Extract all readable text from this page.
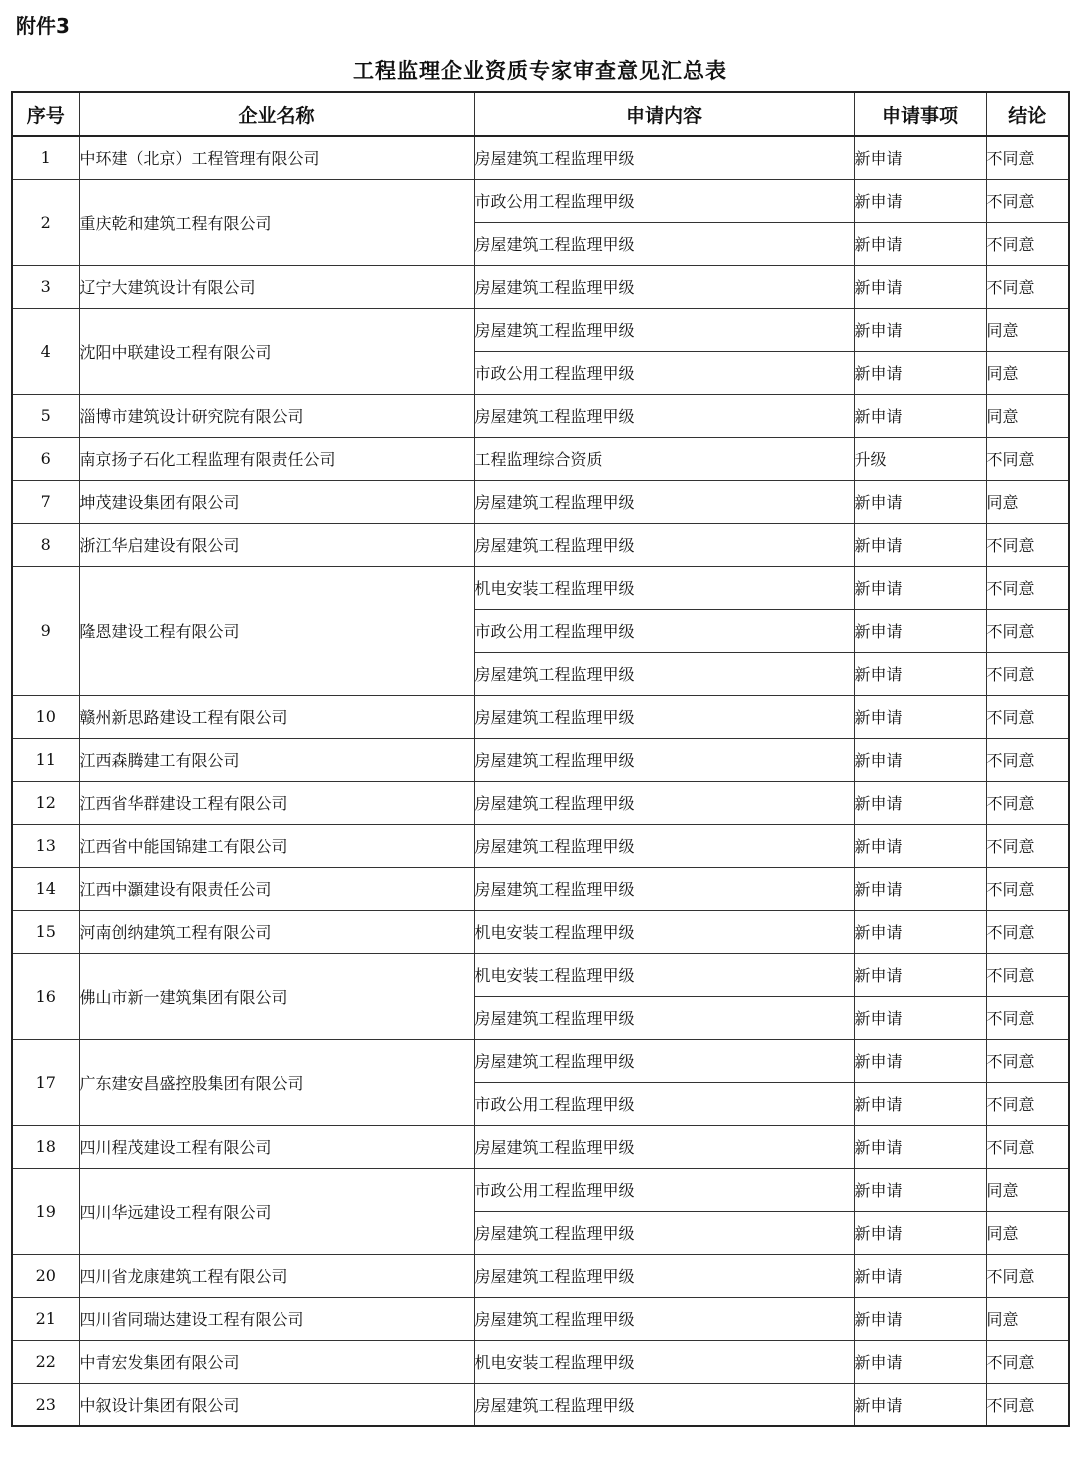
附件3
工程监理企业资质专家审查意见汇总表
序号	企业名称	申请内容	申请事项	结论
1	中环建（北京）工程管理有限公司	房屋建筑工程监理甲级	新申请	不同意
2	重庆乾和建筑工程有限公司	市政公用工程监理甲级	新申请	不同意
		房屋建筑工程监理甲级	新申请	不同意
3	辽宁大建筑设计有限公司	房屋建筑工程监理甲级	新申请	不同意
4	沈阳中联建设工程有限公司	房屋建筑工程监理甲级	新申请	同意
		市政公用工程监理甲级	新申请	同意
5	淄博市建筑设计研究院有限公司	房屋建筑工程监理甲级	新申请	同意
6	南京扬子石化工程监理有限责任公司	工程监理综合资质	升级	不同意
7	坤茂建设集团有限公司	房屋建筑工程监理甲级	新申请	同意
8	浙江华启建设有限公司	房屋建筑工程监理甲级	新申请	不同意
9	隆恩建设工程有限公司	机电安装工程监理甲级	新申请	不同意
		市政公用工程监理甲级	新申请	不同意
		房屋建筑工程监理甲级	新申请	不同意
10	赣州新思路建设工程有限公司	房屋建筑工程监理甲级	新申请	不同意
11	江西森腾建工有限公司	房屋建筑工程监理甲级	新申请	不同意
12	江西省华群建设工程有限公司	房屋建筑工程监理甲级	新申请	不同意
13	江西省中能国锦建工有限公司	房屋建筑工程监理甲级	新申请	不同意
14	江西中灝建设有限责任公司	房屋建筑工程监理甲级	新申请	不同意
15	河南创纳建筑工程有限公司	机电安装工程监理甲级	新申请	不同意
16	佛山市新一建筑集团有限公司	机电安装工程监理甲级	新申请	不同意
		房屋建筑工程监理甲级	新申请	不同意
17	广东建安昌盛控股集团有限公司	房屋建筑工程监理甲级	新申请	不同意
		市政公用工程监理甲级	新申请	不同意
18	四川程茂建设工程有限公司	房屋建筑工程监理甲级	新申请	不同意
19	四川华远建设工程有限公司	市政公用工程监理甲级	新申请	同意
		房屋建筑工程监理甲级	新申请	同意
20	四川省龙康建筑工程有限公司	房屋建筑工程监理甲级	新申请	不同意
21	四川省同瑞达建设工程有限公司	房屋建筑工程监理甲级	新申请	同意
22	中青宏发集团有限公司	机电安装工程监理甲级	新申请	不同意
23	中叙设计集团有限公司	房屋建筑工程监理甲级	新申请	不同意
